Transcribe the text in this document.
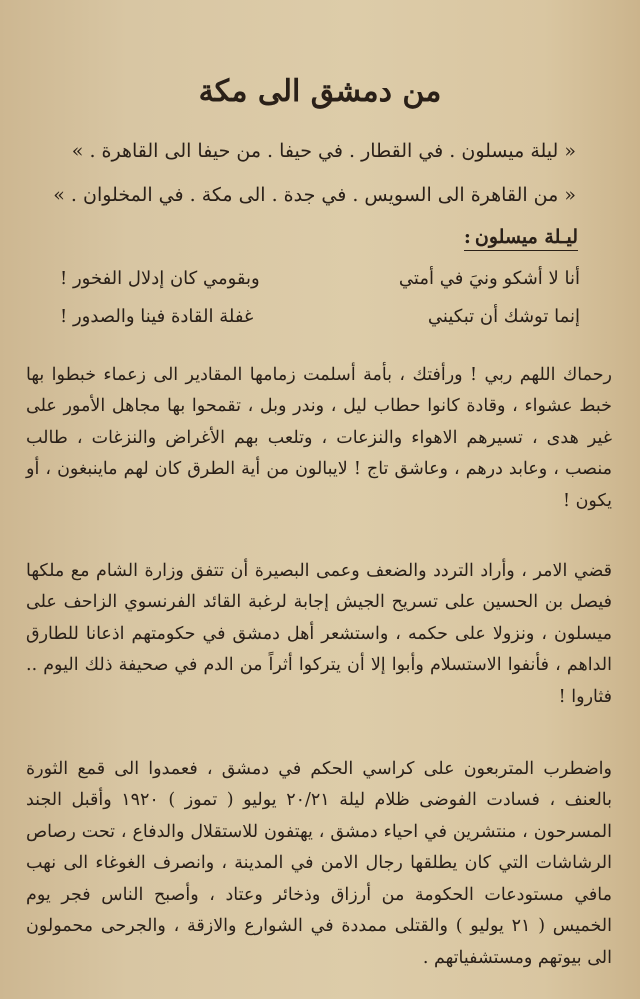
من دمشق الى مكة
« ليلة ميسلون . في القطار . في حيفا . من حيفا الى القاهرة . »
« من القاهرة الى السويس . في جدة . الى مكة . في المخلوان . »
ليـلة ميسلون:
أنا لا أشكو ونيَ في أمتي
وبقومي كان إدلال الفخور !
إنما توشك أن تبكيني
غفلة القادة فينا والصدور !

رحماك اللهم ربي ! ورأفتك ، بأمة أسلمت زمامها المقادير الى زعماء خبطوا بها خبط عشواء ، وقادة كانوا حطاب ليل ، وندر وبل ، تقمحوا بها مجاهل الأمور على غير هدى ، تسيرهم الاهواء والنزعات ، وتلعب بهم الأغراض والنزغات ، طالب منصب ، وعابد درهم ، وعاشق تاج ! لايبالون من أية الطرق كان لهم ماينبغون ، أو يكون !

قضي الامر ، وأراد التردد والضعف وعمى البصيرة أن تتفق وزارة الشام مع ملكها فيصل بن الحسين على تسريح الجيش إجابة لرغبة القائد الفرنسوي الزاحف على ميسلون ، ونزولا على حكمه ، واستشعر أهل دمشق في حكومتهم اذعانا للطارق الداهم ، فأنفوا الاستسلام وأبوا إلا أن يتركوا أثراً من الدم في صحيفة ذلك اليوم .. فثاروا !

واضطرب المتربعون على كراسي الحكم في دمشق ، فعمدوا الى قمع الثورة بالعنف ، فسادت الفوضى ظلام ليلة ٢٠/٢١ يوليو ( تموز ) ١٩٢٠ وأقبل الجند المسرحون ، منتشرين في احياء دمشق ، يهتفون للاستقلال والدفاع ، تحت رصاص الرشاشات التي كان يطلقها رجال الامن في المدينة ، وانصرف الغوغاء الى نهب مافي مستودعات الحكومة من أرزاق وذخائر وعتاد ، وأصبح الناس فجر يوم الخميس ( ٢١ يوليو ) والقتلى ممددة في الشوارع والازقة ، والجرحى محمولون الى بيوتهم ومستشفياتهم .
